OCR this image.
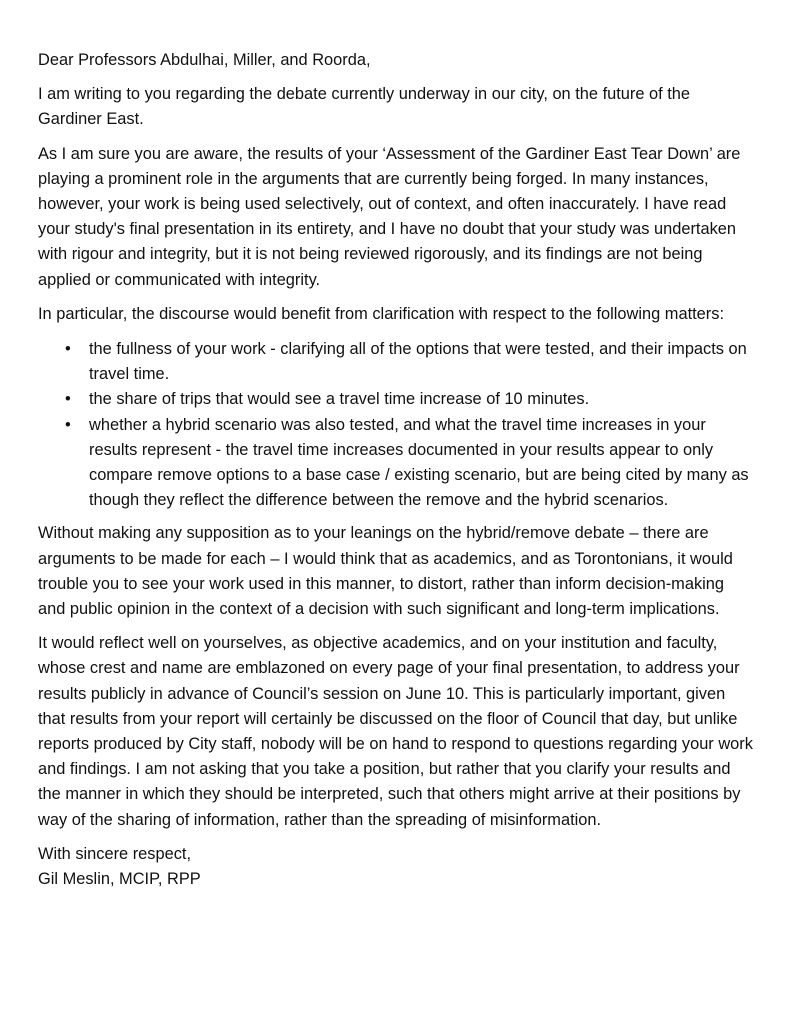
Dear Professors Abdulhai, Miller, and Roorda,

I am writing to you regarding the debate currently underway in our city, on the future of the Gardiner East.

As I am sure you are aware, the results of your ‘Assessment of the Gardiner East Tear Down’ are playing a prominent role in the arguments that are currently being forged. In many instances, however, your work is being used selectively, out of context, and often inaccurately. I have read your study's final presentation in its entirety, and I have no doubt that your study was undertaken with rigour and integrity, but it is not being reviewed rigorously, and its findings are not being applied or communicated with integrity.

In particular, the discourse would benefit from clarification with respect to the following matters:

• the fullness of your work - clarifying all of the options that were tested, and their impacts on travel time.
• the share of trips that would see a travel time increase of 10 minutes.
• whether a hybrid scenario was also tested, and what the travel time increases in your results represent - the travel time increases documented in your results appear to only compare remove options to a base case / existing scenario, but are being cited by many as though they reflect the difference between the remove and the hybrid scenarios.

Without making any supposition as to your leanings on the hybrid/remove debate – there are arguments to be made for each – I would think that as academics, and as Torontonians, it would trouble you to see your work used in this manner, to distort, rather than inform decision-making and public opinion in the context of a decision with such significant and long-term implications.

It would reflect well on yourselves, as objective academics, and on your institution and faculty, whose crest and name are emblazoned on every page of your final presentation, to address your results publicly in advance of Council’s session on June 10. This is particularly important, given that results from your report will certainly be discussed on the floor of Council that day, but unlike reports produced by City staff, nobody will be on hand to respond to questions regarding your work and findings. I am not asking that you take a position, but rather that you clarify your results and the manner in which they should be interpreted, such that others might arrive at their positions by way of the sharing of information, rather than the spreading of misinformation.

With sincere respect,
Gil Meslin, MCIP, RPP
